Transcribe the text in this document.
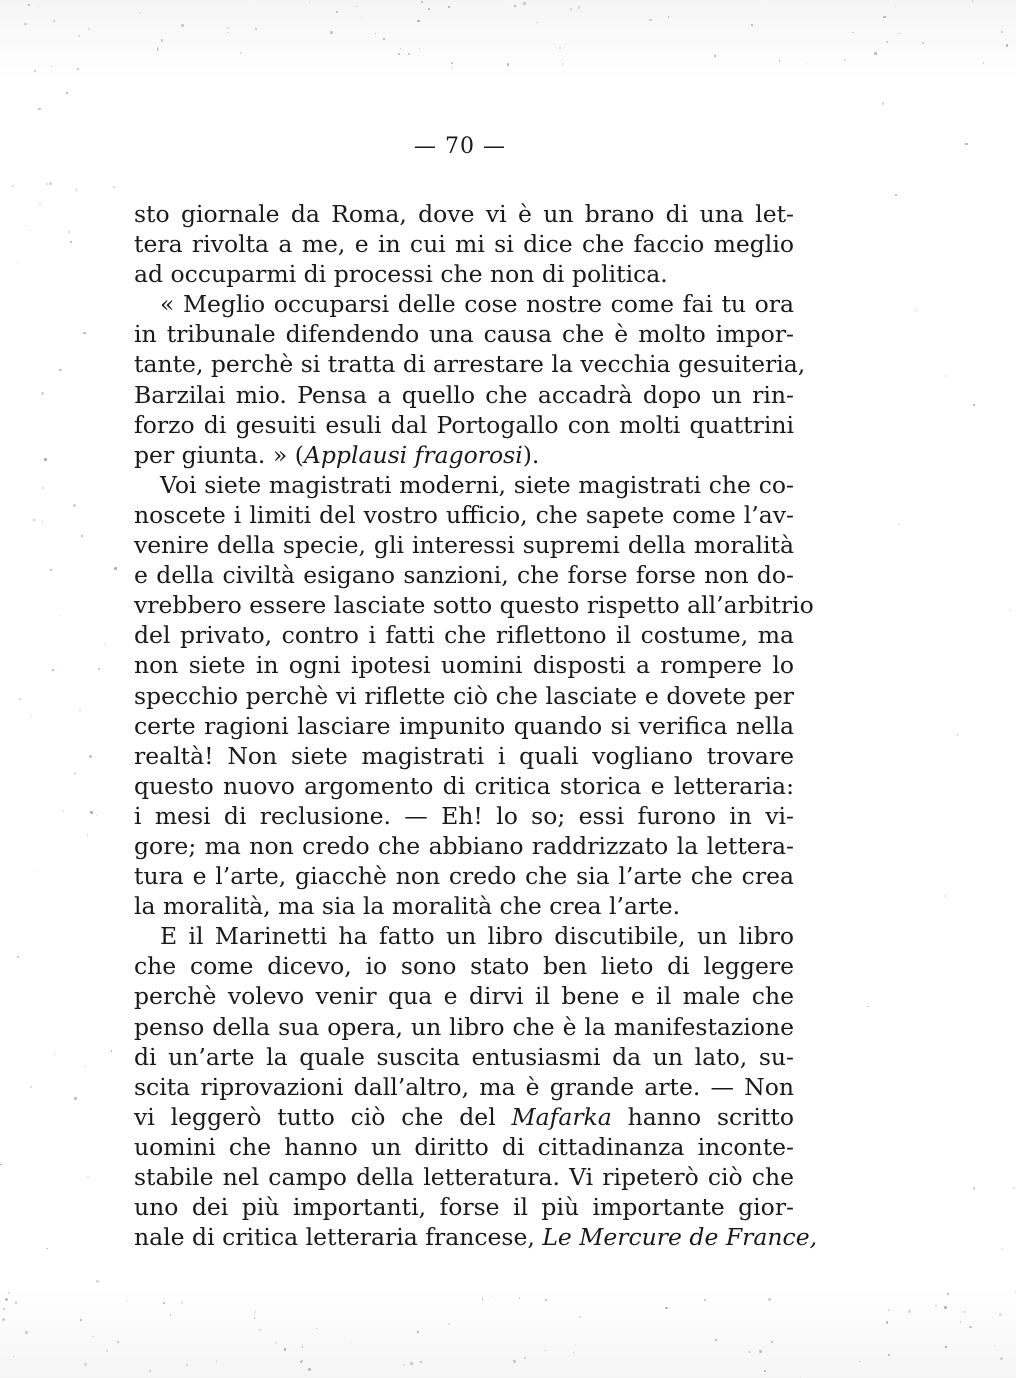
— 70 —
sto giornale da Roma, dove vi è un brano di una let-
tera rivolta a me, e in cui mi si dice che faccio meglio
ad occuparmi di processi che non di politica.
« Meglio occuparsi delle cose nostre come fai tu ora
in tribunale difendendo una causa che è molto impor-
tante, perchè si tratta di arrestare la vecchia gesuiteria,
Barzilai mio. Pensa a quello che accadrà dopo un rin-
forzo di gesuiti esuli dal Portogallo con molti quattrini
per giunta. » (Applausi fragorosi).
Voi siete magistrati moderni, siete magistrati che co-
noscete i limiti del vostro ufficio, che sapete come l’av-
venire della specie, gli interessi supremi della moralità
e della civiltà esigano sanzioni, che forse forse non do-
vrebbero essere lasciate sotto questo rispetto all’arbitrio
del privato, contro i fatti che riflettono il costume, ma
non siete in ogni ipotesi uomini disposti a rompere lo
specchio perchè vi riflette ciò che lasciate e dovete per
certe ragioni lasciare impunito quando si verifica nella
realtà! Non siete magistrati i quali vogliano trovare
questo nuovo argomento di critica storica e letteraria:
i mesi di reclusione. — Eh! lo so; essi furono in vi-
gore; ma non credo che abbiano raddrizzato la lettera-
tura e l’arte, giacchè non credo che sia l’arte che crea
la moralità, ma sia la moralità che crea l’arte.
E il Marinetti ha fatto un libro discutibile, un libro
che come dicevo, io sono stato ben lieto di leggere
perchè volevo venir qua e dirvi il bene e il male che
penso della sua opera, un libro che è la manifestazione
di un’arte la quale suscita entusiasmi da un lato, su-
scita riprovazioni dall’altro, ma è grande arte. — Non
vi leggerò tutto ciò che del Mafarka hanno scritto
uomini che hanno un diritto di cittadinanza inconte-
stabile nel campo della letteratura. Vi ripeterò ciò che
uno dei più importanti, forse il più importante gior-
nale di critica letteraria francese, Le Mercure de France,
